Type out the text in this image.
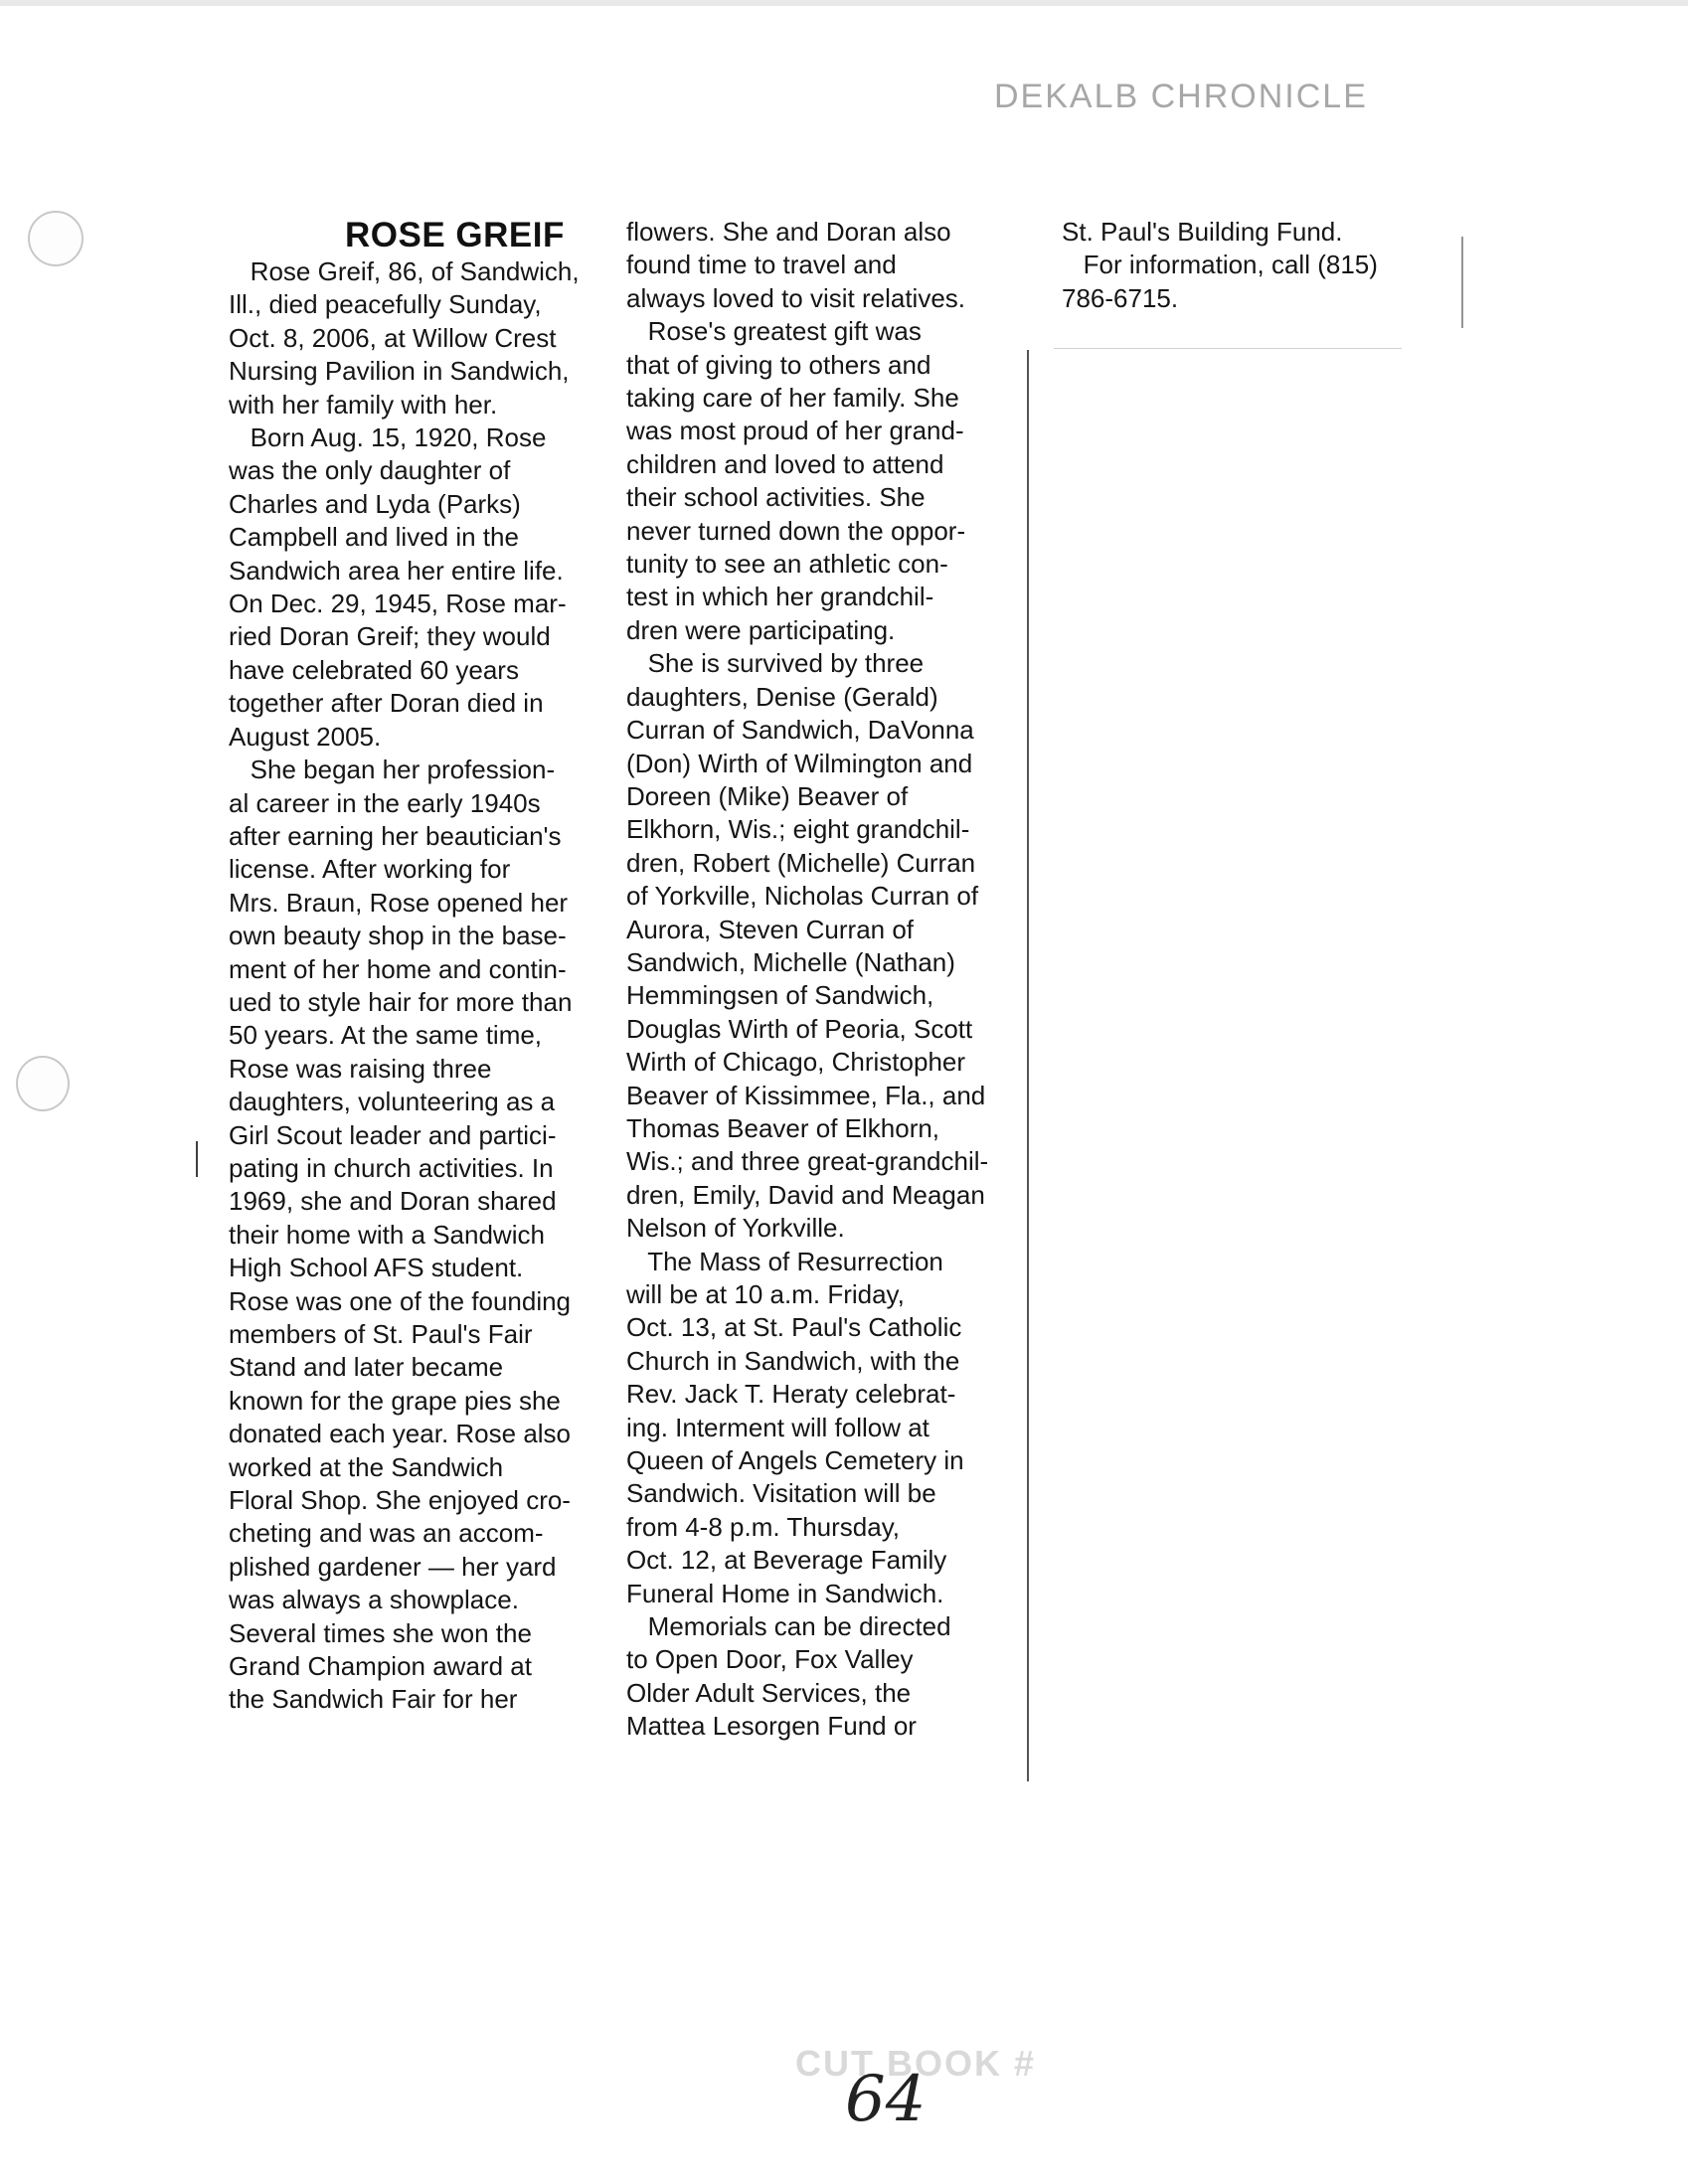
DEKALB CHRONICLE
ROSE GREIF

Rose Greif, 86, of Sandwich,

Ill., died peacefully Sunday,

Oct. 8, 2006, at Willow Crest

Nursing Pavilion in Sandwich,

with her family with her.

Born Aug. 15, 1920, Rose

was the only daughter of

Charles and Lyda (Parks)

Campbell and lived in the

Sandwich area her entire life.

On Dec. 29, 1945, Rose mar-

ried Doran Greif; they would

have celebrated 60 years

together after Doran died in

August 2005.

She began her profession-

al career in the early 1940s

after earning her beautician's

license. After working for

Mrs. Braun, Rose opened her

own beauty shop in the base-

ment of her home and contin-

ued to style hair for more than

50 years. At the same time,

Rose was raising three

daughters, volunteering as a

Girl Scout leader and partici-

pating in church activities. In

1969, she and Doran shared

their home with a Sandwich

High School AFS student.

Rose was one of the founding

members of St. Paul's Fair

Stand and later became

known for the grape pies she

donated each year. Rose also

worked at the Sandwich

Floral Shop. She enjoyed cro-

cheting and was an accom-

plished gardener — her yard

was always a showplace.

Several times she won the

Grand Champion award at

the Sandwich Fair for her

flowers. She and Doran also

found time to travel and

always loved to visit relatives.

Rose's greatest gift was

that of giving to others and

taking care of her family. She

was most proud of her grand-

children and loved to attend

their school activities. She

never turned down the oppor-

tunity to see an athletic con-

test in which her grandchil-

dren were participating.

She is survived by three

daughters, Denise (Gerald)

Curran of Sandwich, DaVonna

(Don) Wirth of Wilmington and

Doreen (Mike) Beaver of

Elkhorn, Wis.; eight grandchil-

dren, Robert (Michelle) Curran

of Yorkville, Nicholas Curran of

Aurora, Steven Curran of

Sandwich, Michelle (Nathan)

Hemmingsen of Sandwich,

Douglas Wirth of Peoria, Scott

Wirth of Chicago, Christopher

Beaver of Kissimmee, Fla., and

Thomas Beaver of Elkhorn,

Wis.; and three great-grandchil-

dren, Emily, David and Meagan

Nelson of Yorkville.

The Mass of Resurrection

will be at 10 a.m. Friday,

Oct. 13, at St. Paul's Catholic

Church in Sandwich, with the

Rev. Jack T. Heraty celebrat-

ing. Interment will follow at

Queen of Angels Cemetery in

Sandwich. Visitation will be

from 4-8 p.m. Thursday,

Oct. 12, at Beverage Family

Funeral Home in Sandwich.

Memorials can be directed

to Open Door, Fox Valley

Older Adult Services, the

Mattea Lesorgen Fund or

St. Paul's Building Fund.

For information, call (815)

786-6715.

CUT BOOK #
64
